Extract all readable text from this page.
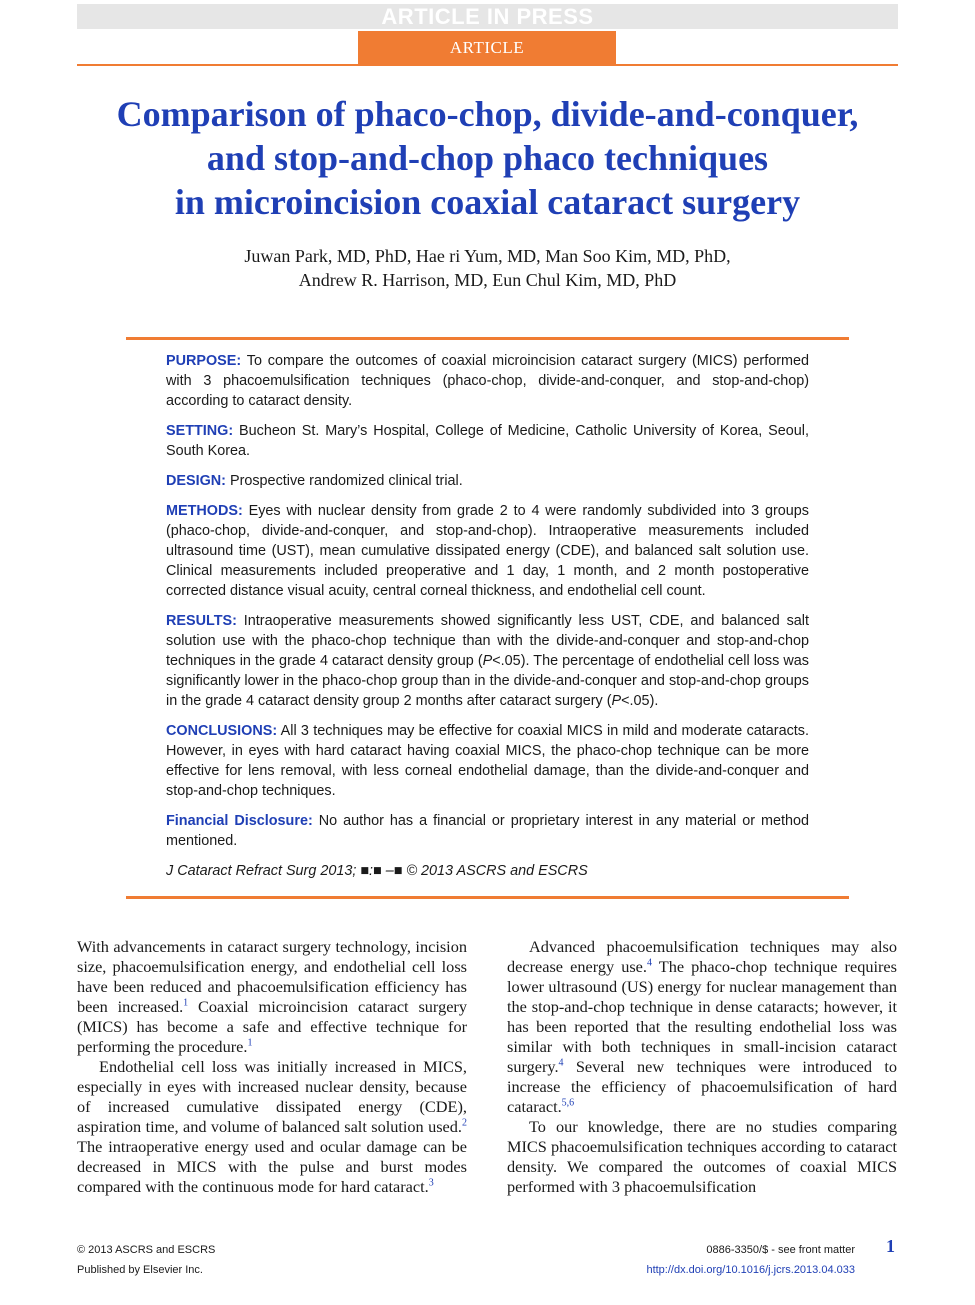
ARTICLE IN PRESS
ARTICLE
Comparison of phaco-chop, divide-and-conquer,
and stop-and-chop phaco techniques
in microincision coaxial cataract surgery

Juwan Park, MD, PhD, Hae ri Yum, MD, Man Soo Kim, MD, PhD,
Andrew R. Harrison, MD, Eun Chul Kim, MD, PhD

PURPOSE: To compare the outcomes of coaxial microincision cataract surgery (MICS) performed with 3 phacoemulsification techniques (phaco-chop, divide-and-conquer, and stop-and-chop) according to cataract density.

SETTING: Bucheon St. Mary’s Hospital, College of Medicine, Catholic University of Korea, Seoul, South Korea.

DESIGN: Prospective randomized clinical trial.

METHODS: Eyes with nuclear density from grade 2 to 4 were randomly subdivided into 3 groups (phaco-chop, divide-and-conquer, and stop-and-chop). Intraoperative measurements included ultrasound time (UST), mean cumulative dissipated energy (CDE), and balanced salt solution use. Clinical measurements included preoperative and 1 day, 1 month, and 2 month postoperative corrected distance visual acuity, central corneal thickness, and endothelial cell count.

RESULTS: Intraoperative measurements showed significantly less UST, CDE, and balanced salt solution use with the phaco-chop technique than with the divide-and-conquer and stop-and-chop techniques in the grade 4 cataract density group (P<.05). The percentage of endothelial cell loss was significantly lower in the phaco-chop group than in the divide-and-conquer and stop-and-chop groups in the grade 4 cataract density group 2 months after cataract surgery (P<.05).

CONCLUSIONS: All 3 techniques may be effective for coaxial MICS in mild and moderate cataracts. However, in eyes with hard cataract having coaxial MICS, the phaco-chop technique can be more effective for lens removal, with less corneal endothelial damage, than the divide-and-conquer and stop-and-chop techniques.

Financial Disclosure: No author has a financial or proprietary interest in any material or method mentioned.

J Cataract Refract Surg 2013; ■:■ –■ © 2013 ASCRS and ESCRS

With advancements in cataract surgery technology, incision size, phacoemulsification energy, and endothelial cell loss have been reduced and phacoemulsification efficiency has been increased.$^1$ Coaxial microincision cataract surgery (MICS) has become a safe and effective technique for performing the procedure.$^1$

Endothelial cell loss was initially increased in MICS, especially in eyes with increased nuclear density, because of increased cumulative dissipated energy (CDE), aspiration time, and volume of balanced salt solution used.$^2$ The intraoperative energy used and ocular damage can be decreased in MICS with the pulse and burst modes compared with the continuous mode for hard cataract.$^3$

Advanced phacoemulsification techniques may also decrease energy use.$^4$ The phaco-chop technique requires lower ultrasound (US) energy for nuclear management than the stop-and-chop technique in dense cataracts; however, it has been reported that the resulting endothelial loss was similar with both techniques in small-incision cataract surgery.$^4$ Several new techniques were introduced to increase the efficiency of phacoemulsification of hard cataract.$^{5,6}$

To our knowledge, there are no studies comparing MICS phacoemulsification techniques according to cataract density. We compared the outcomes of coaxial MICS performed with 3 phacoemulsification

© 2013 ASCRS and ESCRS
Published by Elsevier Inc.
0886-3350/$ - see front matter
http://dx.doi.org/10.1016/j.jcrs.2013.04.033
1
